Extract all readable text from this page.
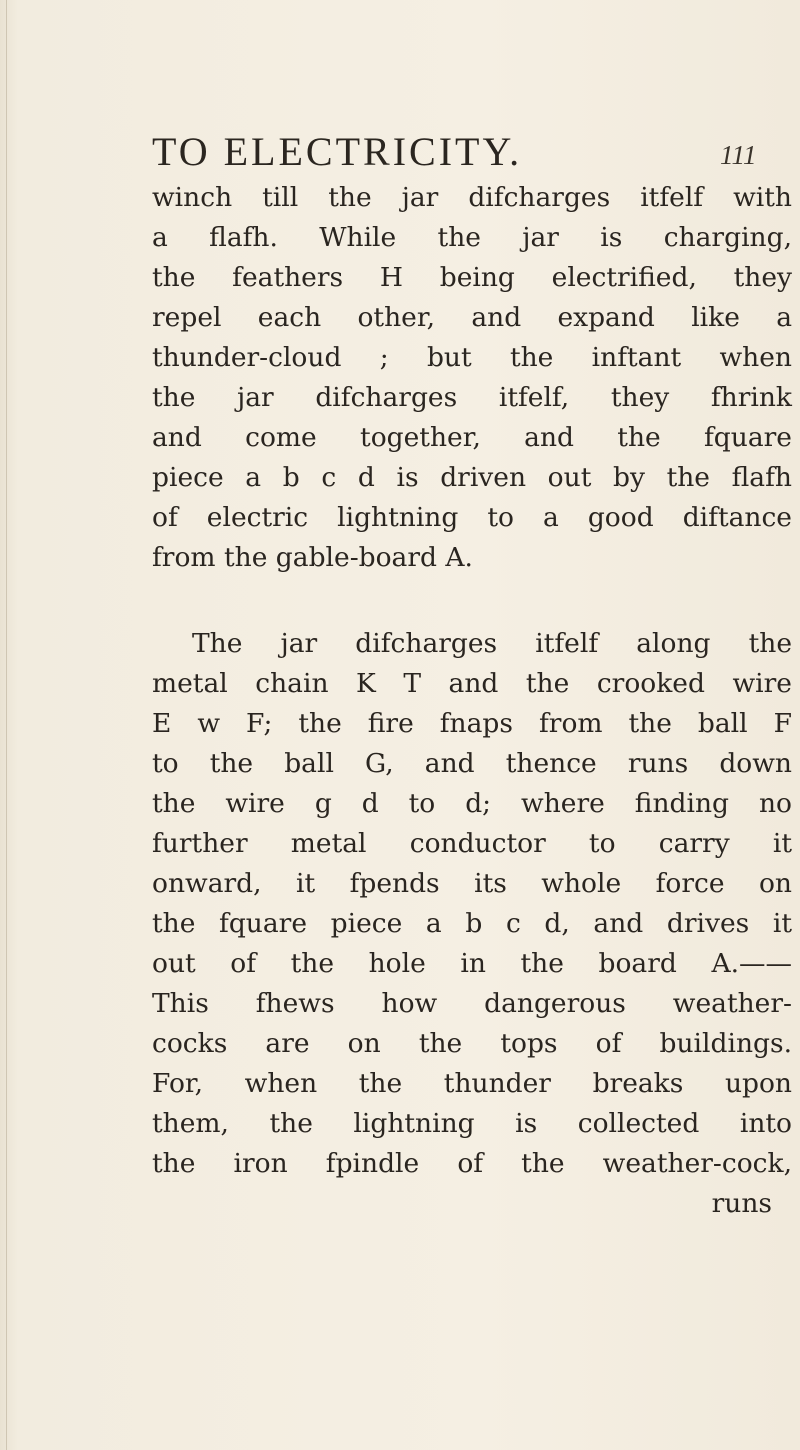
TO ELECTRICITY.	111
winch till the jar difcharges itfelf with
a flafh. While the jar is charging,
the feathers H being electrified, they
repel each other, and expand like a
thunder-cloud ; but the inftant when
the jar difcharges itfelf, they fhrink
and come together, and the fquare
piece a b c d is driven out by the flafh
of electric lightning to a good diftance
from the gable-board A.
The jar difcharges itfelf along the
metal chain K T and the crooked wire
E w F; the fire fnaps from the ball F
to the ball G, and thence runs down
the wire g d to d; where finding no
further metal conductor to carry it
onward, it fpends its whole force on
the fquare piece a b c d, and drives it
out of the hole in the board A.——
This fhews how dangerous weather-
cocks are on the tops of buildings.
For, when the thunder breaks upon
them, the lightning is collected into
the iron fpindle of the weather-cock,
runs
